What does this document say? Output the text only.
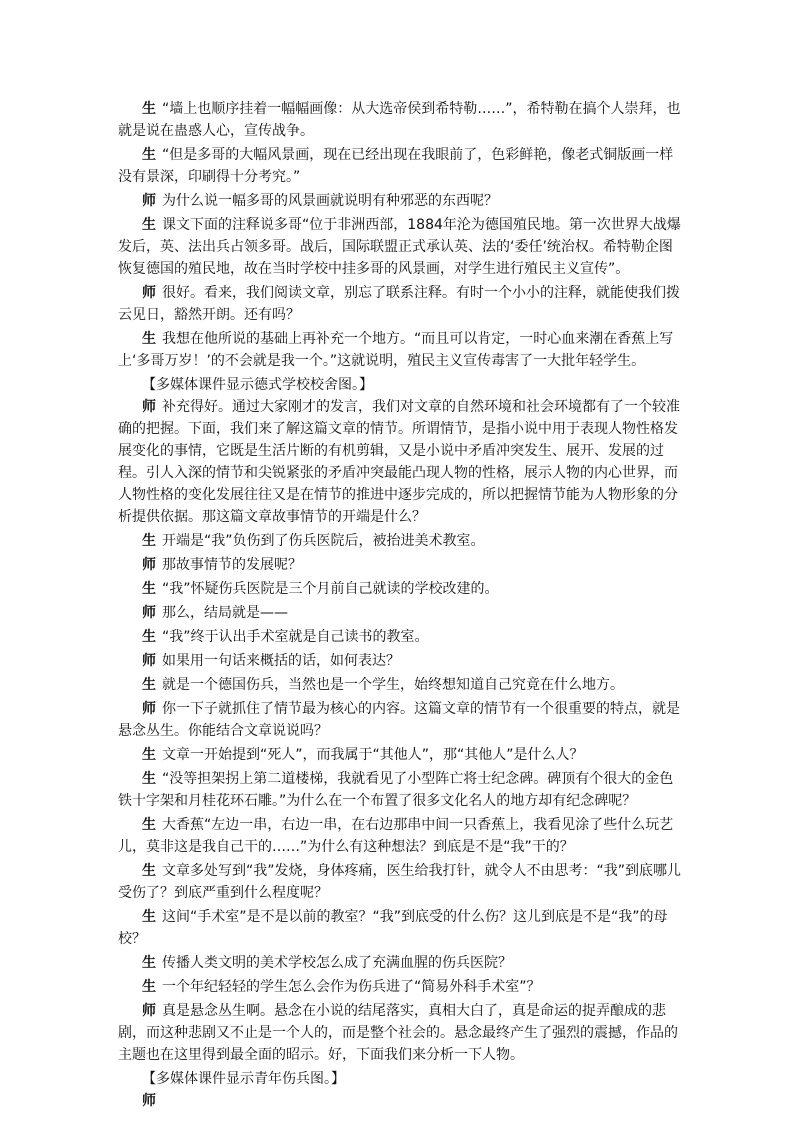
生 “墙上也顺序挂着一幅幅画像：从大选帝侯到希特勒……”，希特勒在搞个人崇拜，也就是说在蛊惑人心，宣传战争。

生 “但是多哥的大幅风景画，现在已经出现在我眼前了，色彩鲜艳，像老式铜版画一样没有景深，印刷得十分考究。”

师 为什么说一幅多哥的风景画就说明有种邪恶的东西呢？

生 课文下面的注释说多哥“位于非洲西部，1884年沦为德国殖民地。第一次世界大战爆发后，英、法出兵占领多哥。战后，国际联盟正式承认英、法的‘委任’统治权。希特勒企图恢复德国的殖民地，故在当时学校中挂多哥的风景画，对学生进行殖民主义宣传”。

师 很好。看来，我们阅读文章，别忘了联系注释。有时一个小小的注释，就能使我们拨云见日，豁然开朗。还有吗？

生 我想在他所说的基础上再补充一个地方。“而且可以肯定，一时心血来潮在香蕉上写上‘多哥万岁！’的不会就是我一个。”这就说明，殖民主义宣传毒害了一大批年轻学生。

【多媒体课件显示德式学校校舍图。】

师 补充得好。通过大家刚才的发言，我们对文章的自然环境和社会环境都有了一个较准确的把握。下面，我们来了解这篇文章的情节。所谓情节，是指小说中用于表现人物性格发展变化的事情，它既是生活片断的有机剪辑，又是小说中矛盾冲突发生、展开、发展的过程。引人入深的情节和尖锐紧张的矛盾冲突最能凸现人物的性格，展示人物的内心世界，而人物性格的变化发展往往又是在情节的推进中逐步完成的，所以把握情节能为人物形象的分析提供依据。那这篇文章故事情节的开端是什么？

生 开端是“我”负伤到了伤兵医院后，被抬进美术教室。

师 那故事情节的发展呢？

生 “我”怀疑伤兵医院是三个月前自己就读的学校改建的。

师 那么，结局就是——

生 “我”终于认出手术室就是自己读书的教室。

师 如果用一句话来概括的话，如何表达？

生 就是一个德国伤兵，当然也是一个学生，始终想知道自己究竟在什么地方。

师 你一下子就抓住了情节最为核心的内容。这篇文章的情节有一个很重要的特点，就是悬念丛生。你能结合文章说说吗？

生 文章一开始提到“死人”，而我属于“其他人”，那“其他人”是什么人？

生 “没等担架拐上第二道楼梯，我就看见了小型阵亡将士纪念碑。碑顶有个很大的金色铁十字架和月桂花环石雕。”为什么在一个布置了很多文化名人的地方却有纪念碑呢？

生 大香蕉“左边一串，右边一串，在右边那串中间一只香蕉上，我看见涂了些什么玩艺儿，莫非这是我自己干的……”为什么有这种想法？到底是不是“我”干的？

生 文章多处写到“我”发烧，身体疼痛，医生给我打针，就令人不由思考：“我”到底哪儿受伤了？到底严重到什么程度呢？

生 这间“手术室”是不是以前的教室？“我”到底受的什么伤？这儿到底是不是“我”的母校？

生 传播人类文明的美术学校怎么成了充满血腥的伤兵医院？

生 一个年纪轻轻的学生怎么会作为伤兵进了“简易外科手术室”？

师 真是悬念丛生啊。悬念在小说的结尾落实，真相大白了，真是命运的捉弄酿成的悲剧，而这种悲剧又不止是一个人的，而是整个社会的。悬念最终产生了强烈的震撼，作品的主题也在这里得到最全面的昭示。好，下面我们来分析一下人物。

【多媒体课件显示青年伤兵图。】

师
